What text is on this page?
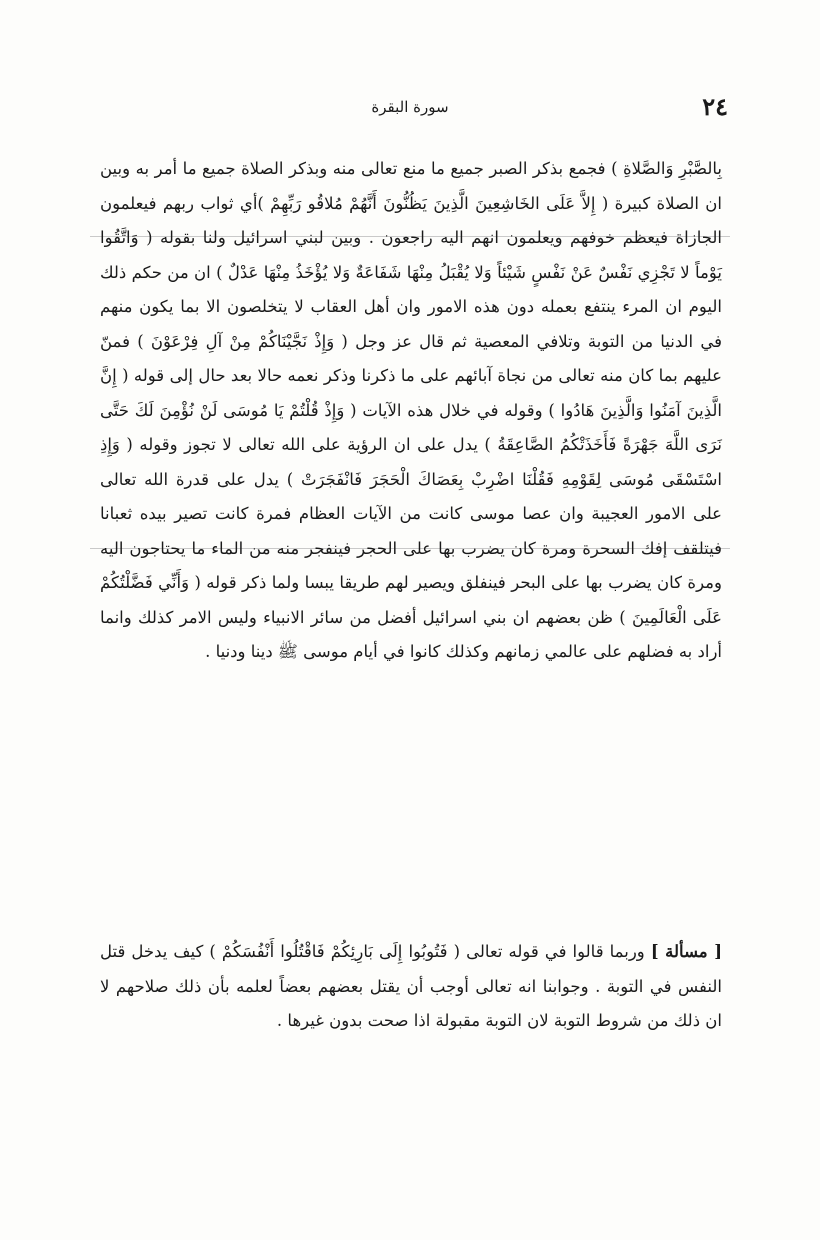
٢٤
سورة البقرة

بِالصَّبْرِ وَالصَّلاةِ ) فجمع بذكر الصبر جميع ما منع تعالى منه وبذكر الصلاة جميع ما أمر به وبين ان الصلاة كبيرة ( إِلاَّ عَلَى الخَاشِعِينَ الَّذِينَ يَظُنُّونَ أَنَّهُمْ مُلاقُو رَبِّهِمْ )أي ثواب ربهم فيعلمون الجازاة فيعظم خوفهم ويعلمون انهم اليه راجعون . وبين لبني اسرائيل ولنا بقوله ( وَاتَّقُوا يَوْماً لا تَجْزِي نَفْسٌ عَنْ نَفْسٍ شَيْئاً وَلا يُقْبَلُ مِنْهَا شَفَاعَةٌ وَلا يُؤْخَذُ مِنْهَا عَدْلٌ ) ان من حكم ذلك اليوم ان المرء ينتفع بعمله دون هذه الامور وان أهل العقاب لا يتخلصون الا بما يكون منهم في الدنيا من التوبة وتلافي المعصية ثم قال عز وجل ( وَإِذْ نَجَّيْنَاكُمْ مِنْ آلِ فِرْعَوْنَ ) فمنّ عليهم بما كان منه تعالى من نجاة آبائهم على ما ذكرنا وذكر نعمه حالا بعد حال إلى قوله ( إِنَّ الَّذِينَ آمَنُوا وَالَّذِينَ هَادُوا ) وقوله في خلال هذه الآيات ( وَإِذْ قُلْتُمْ يَا مُوسَى لَنْ نُؤْمِنَ لَكَ حَتَّى نَرَى اللَّهَ جَهْرَةً فَأَخَذَتْكُمُ الصَّاعِقَةُ ) يدل على ان الرؤية على الله تعالى لا تجوز وقوله ( وَإِذِ اسْتَسْقَى مُوسَى لِقَوْمِهِ فَقُلْنَا اضْرِبْ بِعَصَاكَ الْحَجَرَ فَانْفَجَرَتْ ) يدل على قدرة الله تعالى على الامور العجيبة وان عصا موسى كانت من الآيات العظام فمرة كانت تصير بيده ثعبانا فيتلقف إفك السحرة ومرة كان يضرب بها على الحجر فينفجر منه من الماء ما يحتاجون اليه ومرة كان يضرب بها على البحر فينفلق ويصير لهم طريقا يبسا ولما ذكر قوله ( وَأَنِّي فَضَّلْتُكُمْ عَلَى الْعَالَمِينَ ) ظن بعضهم ان بني اسرائيل أفضل من سائر الانبياء وليس الامر كذلك وانما أراد به فضلهم على عالمي زمانهم وكذلك كانوا في أيام موسى ﷺ دينا ودنيا .

[ مسألة ] وربما قالوا في قوله تعالى ( فَتُوبُوا إِلَى بَارِئِكُمْ فَاقْتُلُوا أَنْفُسَكُمْ ) كيف يدخل قتل النفس في التوبة . وجوابنا انه تعالى أوجب أن يقتل بعضهم بعضاً لعلمه بأن ذلك صلاحهم لا ان ذلك من شروط التوبة لان التوبة مقبولة اذا صحت بدون غيرها .
